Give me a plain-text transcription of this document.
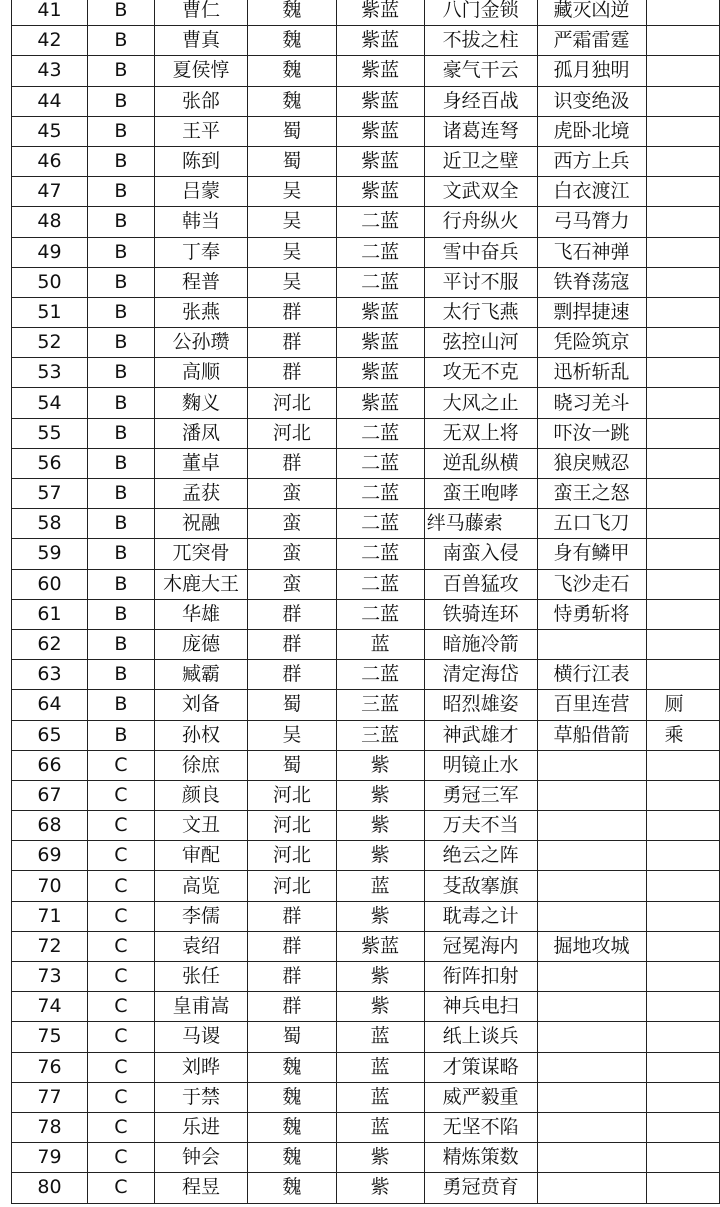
41	B	曹仁	魏	紫蓝	八门金锁	藏灭凶逆	
42	B	曹真	魏	紫蓝	不拔之柱	严霜雷霆	
43	B	夏侯惇	魏	紫蓝	豪气干云	孤月独明	
44	B	张郃	魏	紫蓝	身经百战	识变绝汲	
45	B	王平	蜀	紫蓝	诸葛连弩	虎卧北境	
46	B	陈到	蜀	紫蓝	近卫之壁	西方上兵	
47	B	吕蒙	吴	紫蓝	文武双全	白衣渡江	
48	B	韩当	吴	二蓝	行舟纵火	弓马膂力	
49	B	丁奉	吴	二蓝	雪中奋兵	飞石神弹	
50	B	程普	吴	二蓝	平讨不服	铁脊荡寇	
51	B	张燕	群	紫蓝	太行飞燕	剽捍捷速	
52	B	公孙瓒	群	紫蓝	弦控山河	凭险筑京	
53	B	高顺	群	紫蓝	攻无不克	迅析斩乱	
54	B	麴义	河北	紫蓝	大风之止	晓习羌斗	
55	B	潘凤	河北	二蓝	无双上将	吓汝一跳	
56	B	董卓	群	二蓝	逆乱纵横	狼戾贼忍	
57	B	孟获	蛮	二蓝	蛮王咆哮	蛮王之怒	
58	B	祝融	蛮	二蓝	绊马藤索	五口飞刀	
59	B	兀突骨	蛮	二蓝	南蛮入侵	身有鳞甲	
60	B	木鹿大王	蛮	二蓝	百兽猛攻	飞沙走石	
61	B	华雄	群	二蓝	铁骑连环	恃勇斩将	
62	B	庞德	群	蓝	暗施冷箭		
63	B	臧霸	群	二蓝	清定海岱	横行江表	
64	B	刘备	蜀	三蓝	昭烈雄姿	百里连营	厕
65	B	孙权	吴	三蓝	神武雄才	草船借箭	乘
66	C	徐庶	蜀	紫	明镜止水		
67	C	颜良	河北	紫	勇冠三军		
68	C	文丑	河北	紫	万夫不当		
69	C	审配	河北	紫	绝云之阵		
70	C	高览	河北	蓝	芟敌搴旗		
71	C	李儒	群	紫	耽毒之计		
72	C	袁绍	群	紫蓝	冠冕海内	掘地攻城	
73	C	张任	群	紫	衔阵扣射		
74	C	皇甫嵩	群	紫	神兵电扫		
75	C	马谡	蜀	蓝	纸上谈兵		
76	C	刘晔	魏	蓝	才策谋略		
77	C	于禁	魏	蓝	威严毅重		
78	C	乐进	魏	蓝	无坚不陷		
79	C	钟会	魏	紫	精炼策数		
80	C	程昱	魏	紫	勇冠贲育		
